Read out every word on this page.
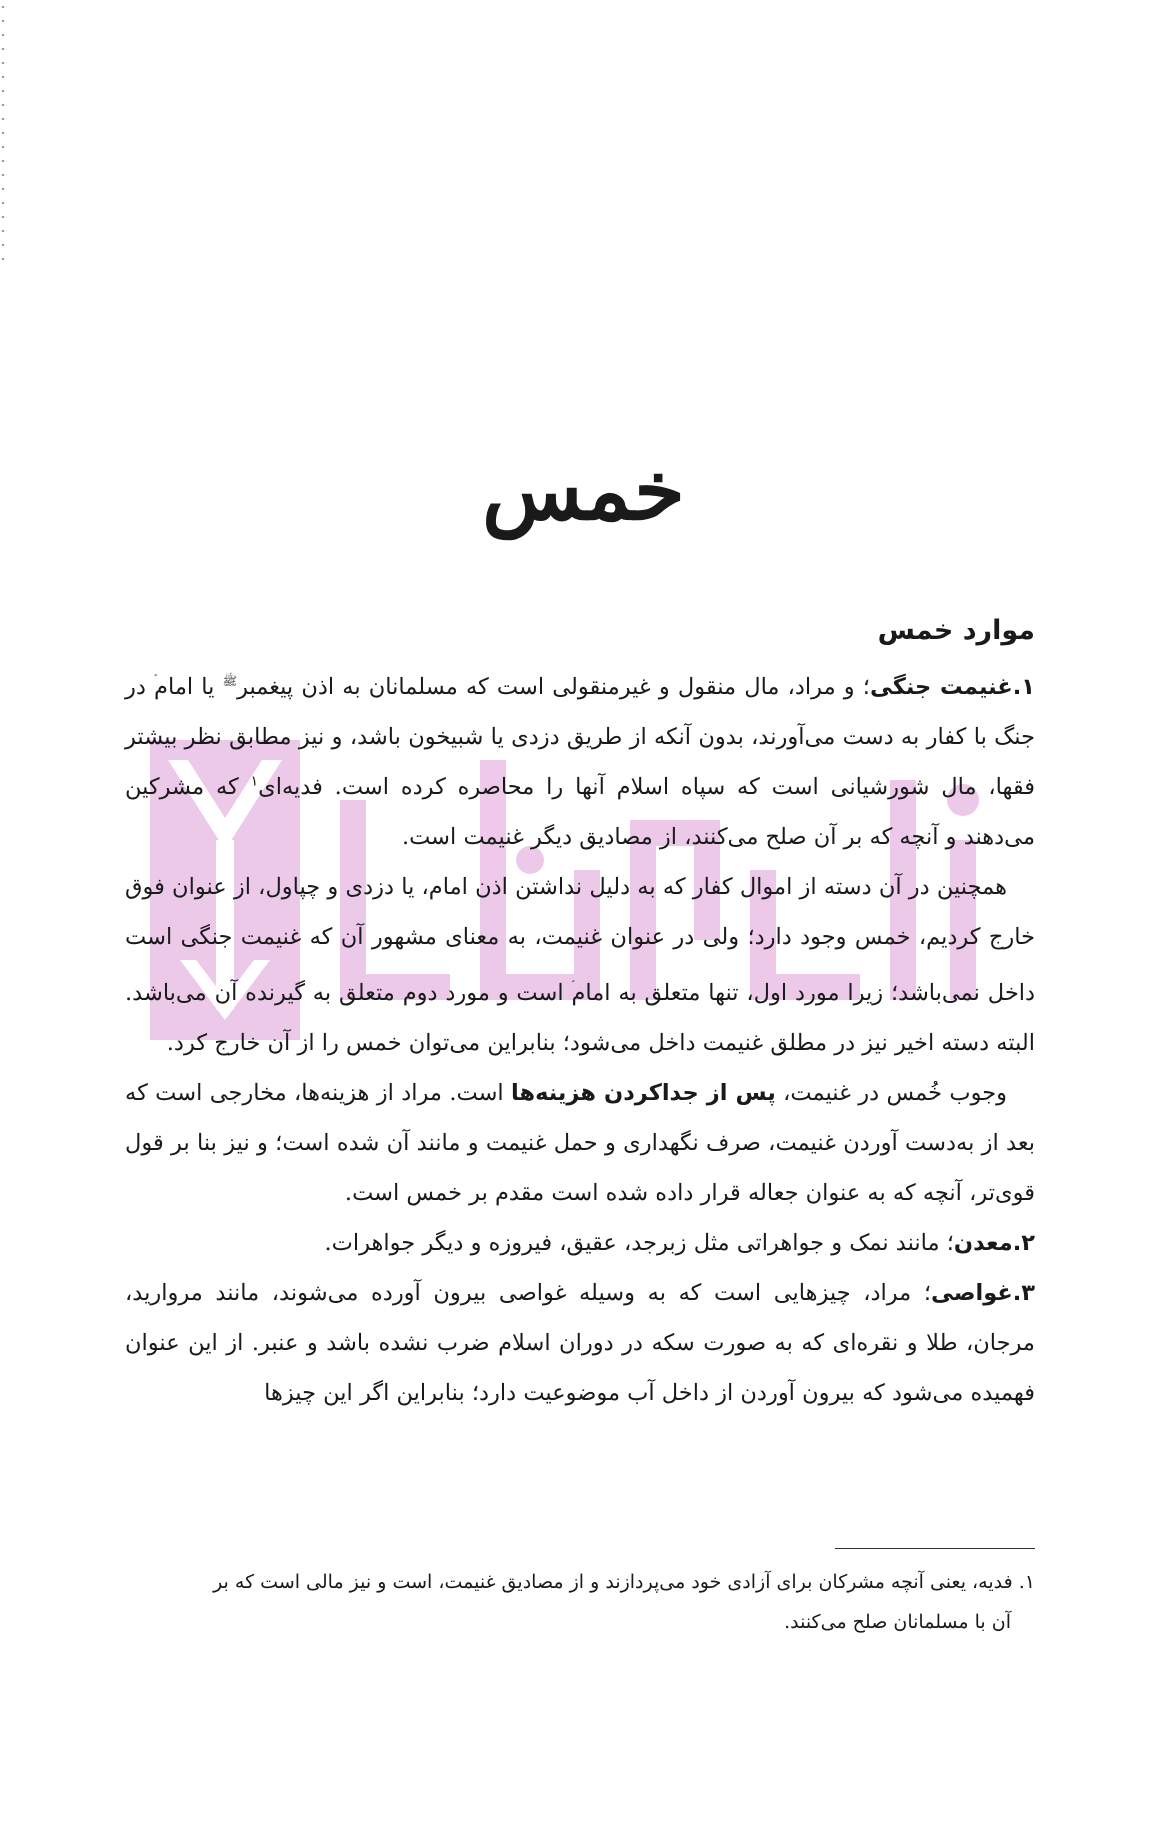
خمس
موارد خمس

۱.غنیمت جنگی؛ و مراد، مال منقول و غیرمنقولی است که مسلمانان به اذن پیغمبر$^ﷺ$ یا امام در جنگ با کفار به دست می‌آورند، بدون آنکه از طریق دزدی یا شبیخون باشد، و نیز مطابق نظر بیشتر فقها، مال شورشیانی است که سپاه اسلام آنها را محاصره کرده است. فدیه‌ای$^۱$ که مشرکین می‌دهند و آنچه که بر آن صلح می‌کنند، از مصادیق دیگر غنیمت است.

همچنین در آن دسته از اموال کفار که به دلیل نداشتن اذن امام، یا دزدی و چپاول، از عنوان فوق خارج کردیم، خمس وجود دارد؛ ولی در عنوان غنیمت، به معنای مشهور آن که غنیمت جنگی است داخل نمی‌باشد؛ زیرا مورد اول، تنها متعلق به امام است و مورد دوم متعلق به گیرنده آن می‌باشد. البته دسته اخیر نیز در مطلق غنیمت داخل می‌شود؛ بنابراین می‌توان خمس را از آن خارج کرد.

وجوب خُمس در غنیمت، پس از جداکردن هزینه‌ها است. مراد از هزینه‌ها، مخارجی است که بعد از به‌دست آوردن غنیمت، صرف نگهداری و حمل غنیمت و مانند آن شده است؛ و نیز بنا بر قول قوی‌تر، آنچه که به عنوان جعاله قرار داده شده است مقدم بر خمس است.

۲.معدن؛ مانند نمک و جواهراتی مثل زبرجد، عقیق، فیروزه و دیگر جواهرات.

۳.غواصی؛ مراد، چیزهایی است که به وسیله غواصی بیرون آورده می‌شوند، مانند مروارید، مرجان، طلا و نقره‌ای که به صورت سکه در دوران اسلام ضرب نشده باشد و عنبر. از این عنوان فهمیده می‌شود که بیرون آوردن از داخل آب موضوعیت دارد؛ بنابراین اگر این چیزها

۱. فدیه، یعنی آنچه مشرکان برای آزادی خود می‌پردازند و از مصادیق غنیمت، است و نیز مالی است که بر

آن با مسلمانان صلح می‌کنند.
